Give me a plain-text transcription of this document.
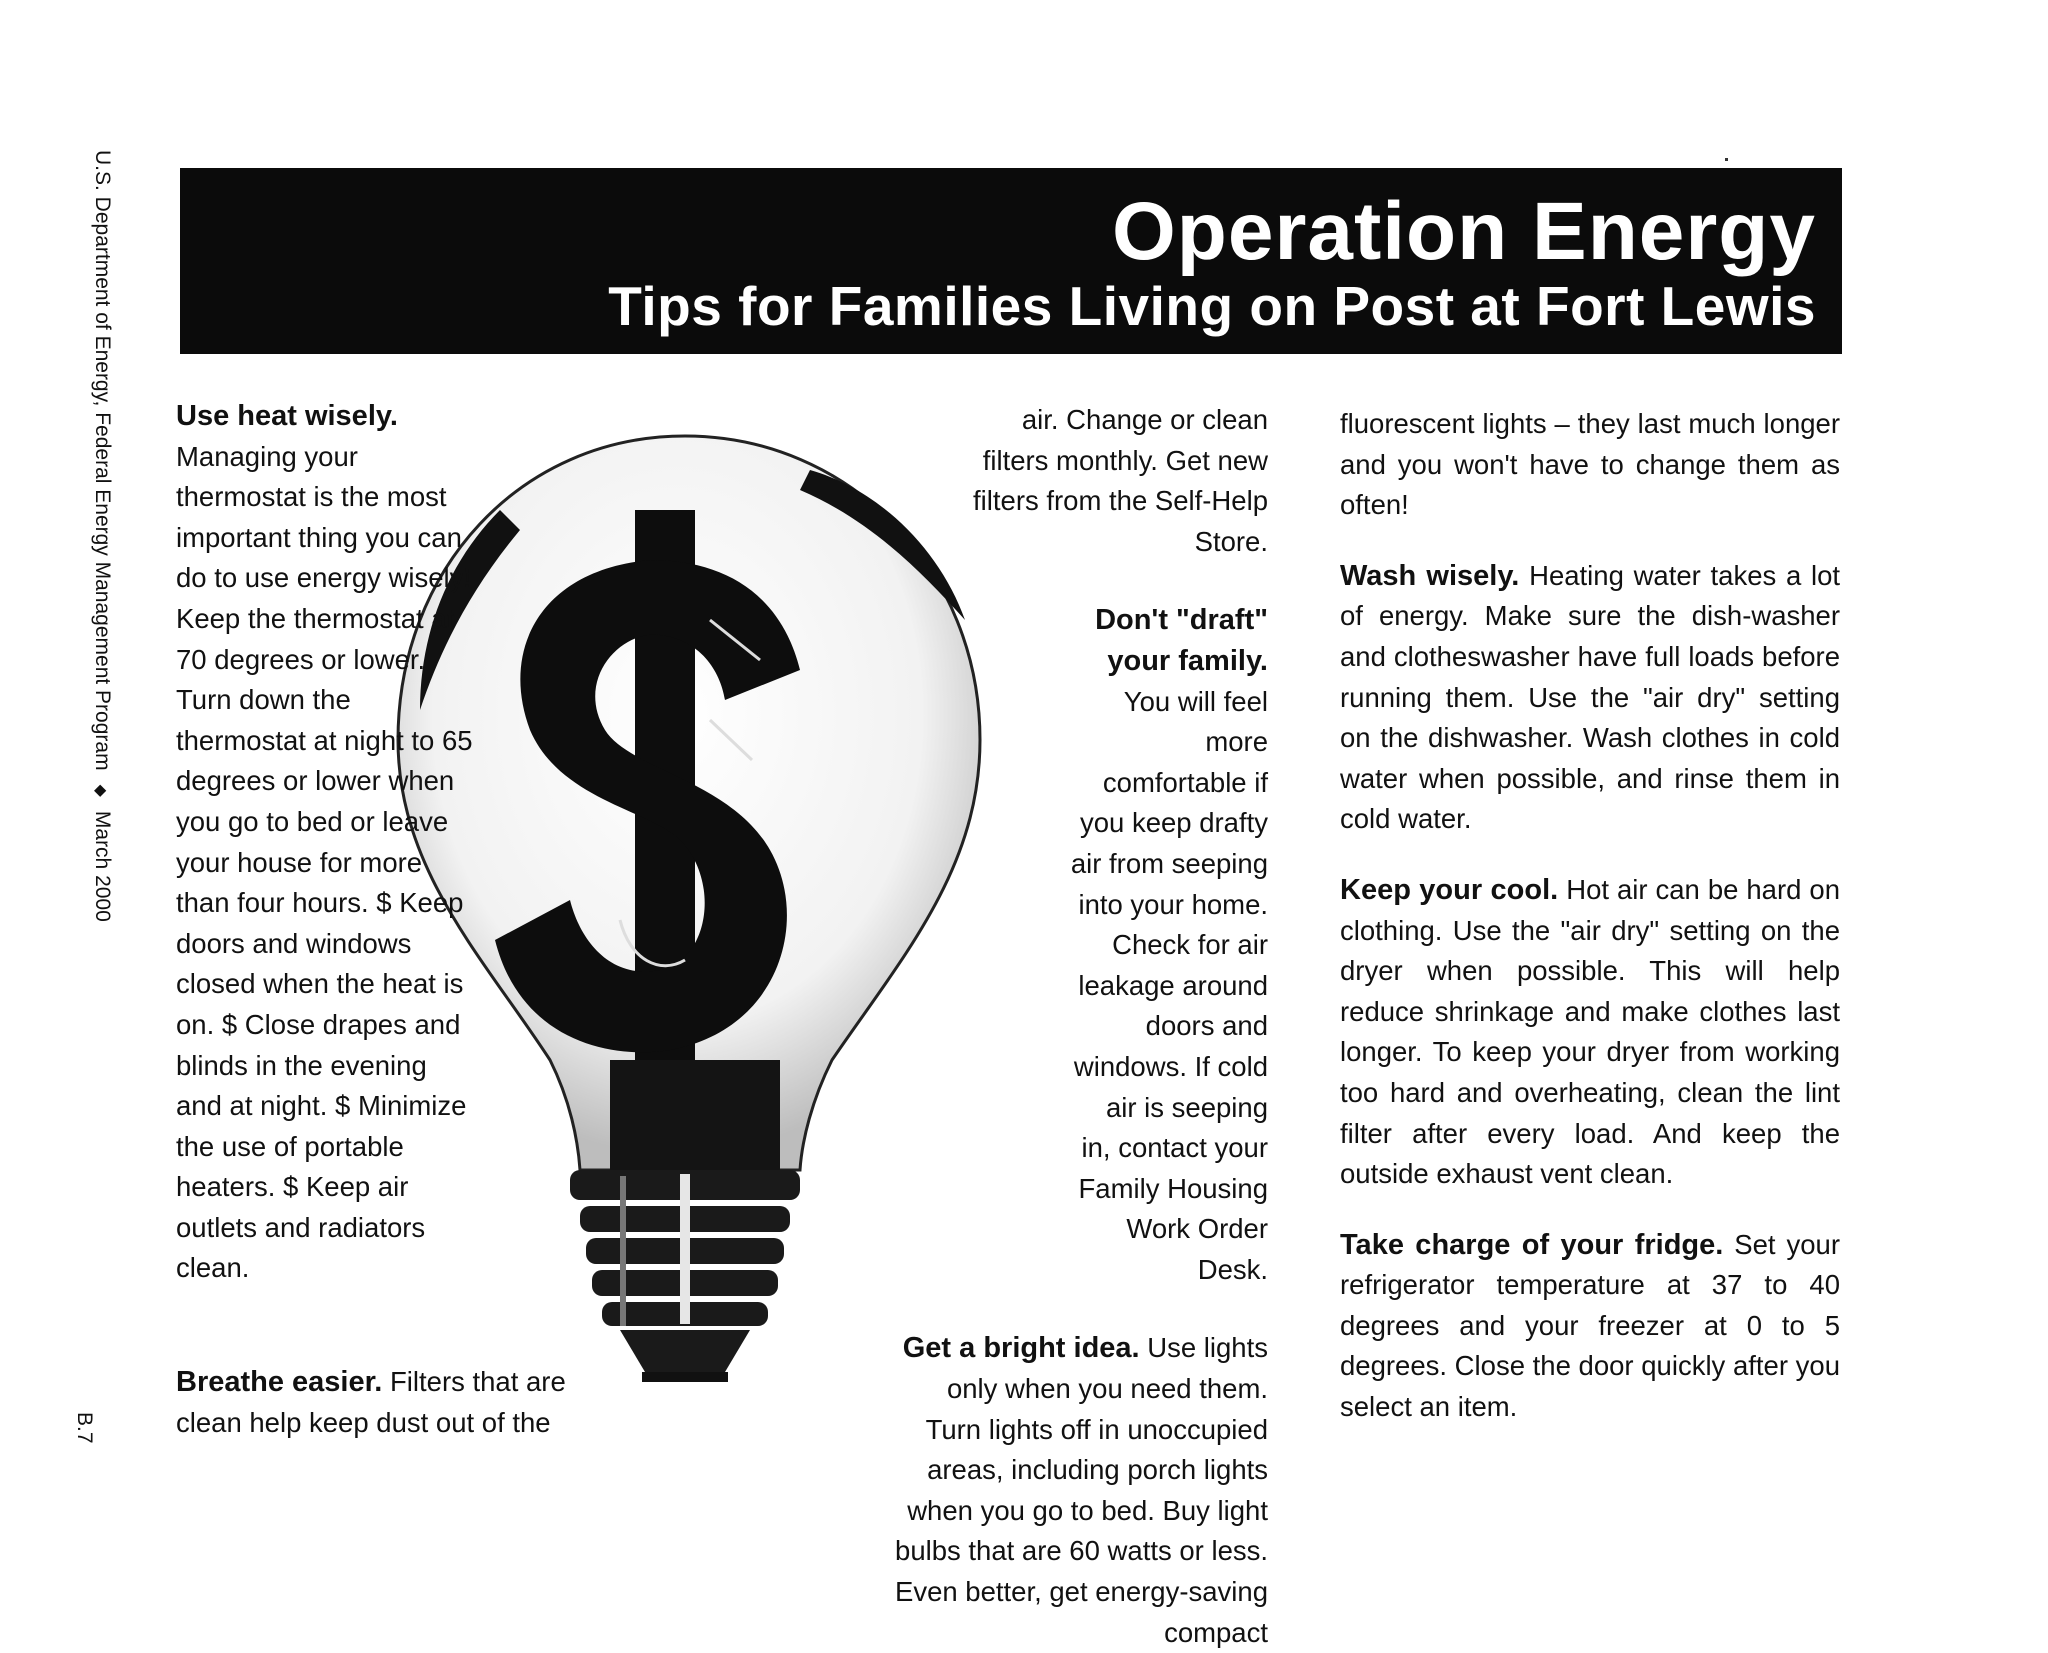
U.S. Department of Energy, Federal Energy Management Program◆March 2000
B.7
Operation Energy
Tips for Families Living on Post at Fort Lewis

Use heat wisely. Managing your thermostat is the most important thing you can do to use energy wisely! Keep the thermostat at 70 degrees or lower. Turn down the thermostat at night to 65 degrees or lower when you go to bed or leave your house for more than four hours. $ Keep doors and windows closed when the heat is on. $ Close drapes and blinds in the evening and at night. $ Minimize the use of portable heaters. $ Keep air outlets and radiators clean.

air. Change or clean filters monthly. Get new filters from the Self-Help Store.

Don't "draft" your family. You will feel more comfortable if you keep drafty air from seeping into your home. Check for air leakage around doors and windows. If cold air is seeping in, contact your Family Housing Work Order Desk.

Get a bright idea. Use lights only when you need them. Turn lights off in unoccupied areas, including porch lights when you go to bed. Buy light bulbs that are 60 watts or less. Even better, get energy-saving compact

fluorescent lights – they last much longer and you won't have to change them as often!

Wash wisely. Heating water takes a lot of energy. Make sure the dish-washer and clotheswasher have full loads before running them. Use the "air dry" setting on the dishwasher. Wash clothes in cold water when possible, and rinse them in cold water.

Keep your cool. Hot air can be hard on clothing. Use the "air dry" setting on the dryer when possible. This will help reduce shrinkage and make clothes last longer. To keep your dryer from working too hard and overheating, clean the lint filter after every load. And keep the outside exhaust vent clean.

Take charge of your fridge. Set your refrigerator temperature at 37 to 40 degrees and your freezer at 0 to 5 degrees. Close the door quickly after you select an item.

Breathe easier. Filters that are clean help keep dust out of the
